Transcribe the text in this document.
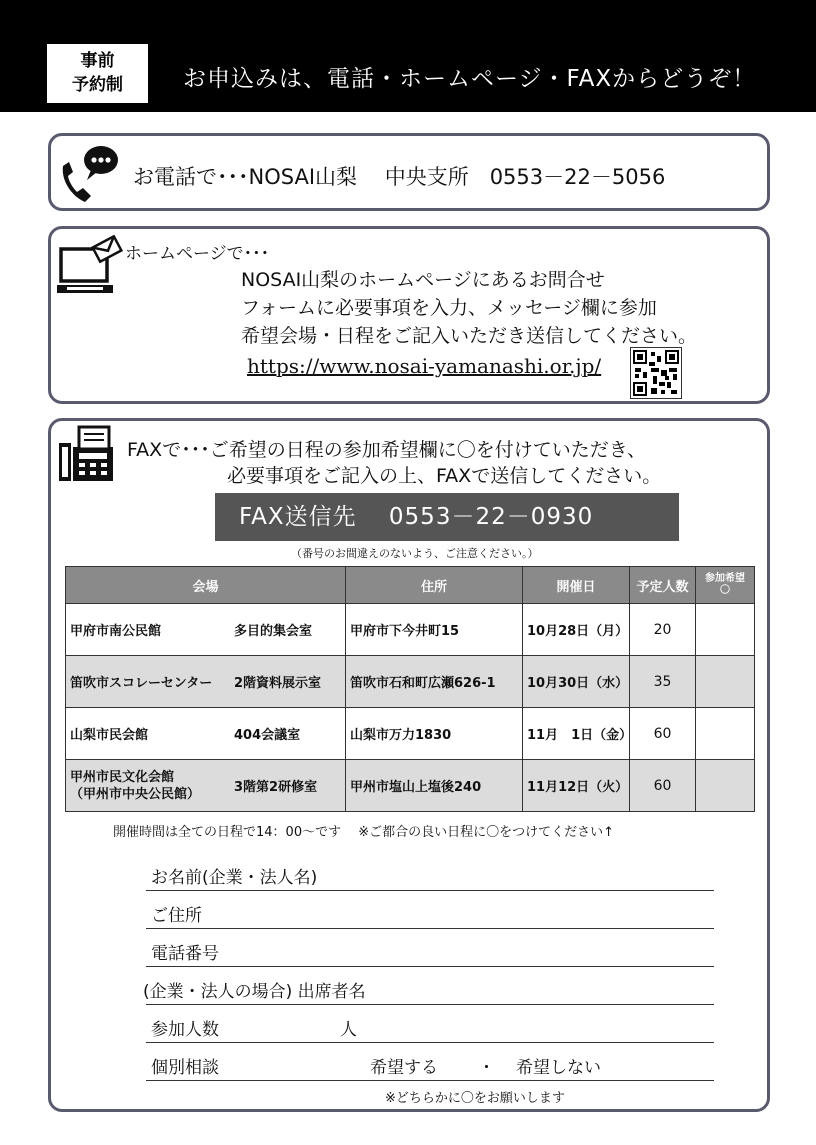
事前
予約制	お申込みは、電話・ホームページ・FAXからどうぞ！
お電話で･･･NOSAI山梨　 中央支所　0553－22－5056
ホームページで･･･
NOSAI山梨のホームページにあるお問合せ
フォームに必要事項を入力、メッセージ欄に参加
希望会場・日程をご記入いただき送信してください。
https://www.nosai-yamanashi.or.jp/
FAXで･･･ご希望の日程の参加希望欄に〇を付けていただき、
必要事項をご記入の上、FAXで送信してください。
FAX送信先　 0553－22－0930
（番号のお間違えのないよう、ご注意ください。）
会場	住所	開催日	予定人数	参加希望
〇

甲府市南公民館 多目的集会室	甲府市下今井町15	10月28日（月）	20	

笛吹市スコレーセンター 2階資料展示室	笛吹市石和町広瀬626-1	10月30日（水）	35	

山梨市民会館 404会議室	山梨市万力1830	11月　1日（金）	60	

甲州市民文化会館
（甲州市中央公民館） 3階第2研修室	甲州市塩山上塩後240	11月12日（火）	60	
開催時間は全ての日程で14：00～です　 ※ご都合の良い日程に〇をつけてください↑
お名前(企業・法人名)
ご住所
電話番号
(企業・法人の場合) 出席者名
参加人数	人
個別相談	希望する ・ 希望しない
※どちらかに〇をお願いします
